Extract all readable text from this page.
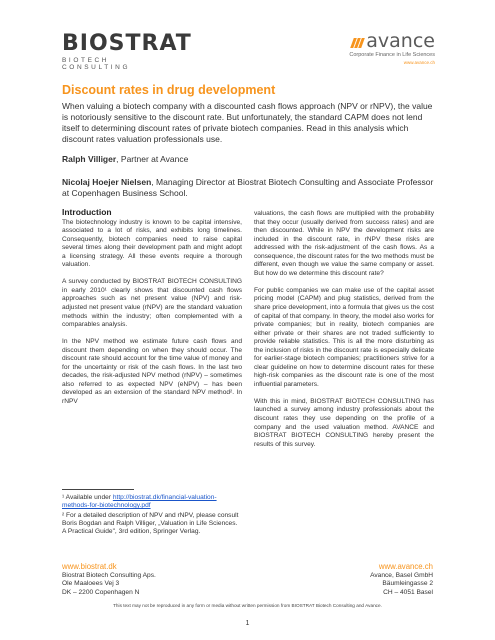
BIOSTRAT
BIOTECH CONSULTING
avance
Corporate Finance in Life Sciences
www.avance.ch
Discount rates in drug development

When valuing a biotech company with a discounted cash flows approach (NPV or rNPV), the value is notoriously sensitive to the discount rate. But unfortunately, the standard CAPM does not lend itself to determining discount rates of private biotech companies. Read in this analysis which discount rates valuation professionals use.

Ralph Villiger, Partner at Avance
Nicolaj Hoejer Nielsen, Managing Director at Biostrat Biotech Consulting and Associate Professor at Copenhagen Business School.
Introduction

The biotechnology industry is known to be capital intensive, associated to a lot of risks, and exhibits long timelines. Consequently, biotech companies need to raise capital several times along their development path and might adopt a licensing strategy. All these events require a thorough valuation.

A survey conducted by BIOSTRAT BIOTECH CONSULTING in early 2010¹ clearly shows that discounted cash flows approaches such as net present value (NPV) and risk-adjusted net present value (rNPV) are the standard valuation methods within the industry; often complemented with a comparables analysis.

In the NPV method we estimate future cash flows and discount them depending on when they should occur. The discount rate should account for the time value of money and for the uncertainty or risk of the cash flows. In the last two decades, the risk-adjusted NPV method (rNPV) – sometimes also referred to as expected NPV (eNPV) – has been developed as an extension of the standard NPV method². In rNPV

¹ Available under http://biostrat.dk/financial-valuation-methods-for-biotechnology.pdf
² For a detailed description of NPV and rNPV, please consult Boris Bogdan and Ralph Villiger, „Valuation in Life Sciences. A Practical Guide", 3rd edition, Springer Verlag.

valuations, the cash flows are multiplied with the probability that they occur (usually derived from success rates) and are then discounted. While in NPV the development risks are included in the discount rate, in rNPV these risks are addressed with the risk-adjustment of the cash flows. As a consequence, the discount rates for the two methods must be different, even though we value the same company or asset. But how do we determine this discount rate?

For public companies we can make use of the capital asset pricing model (CAPM) and plug statistics, derived from the share price development, into a formula that gives us the cost of capital of that company. In theory, the model also works for private companies; but in reality, biotech companies are either private or their shares are not traded sufficiently to provide reliable statistics. This is all the more disturbing as the inclusion of risks in the discount rate is especially delicate for earlier-stage biotech companies; practitioners strive for a clear guideline on how to determine discount rates for these high-risk companies as the discount rate is one of the most influential parameters.

With this in mind, BIOSTRAT BIOTECH CONSULTING has launched a survey among industry professionals about the discount rates they use depending on the profile of a company and the used valuation method. AVANCE and BIOSTRAT BIOTECH CONSULTING hereby present the results of this survey.

www.biostrat.dk
Biostrat Biotech Consulting Aps.
Ole Maaloees Vej 3
DK – 2200 Copenhagen N
www.avance.ch
Avance, Basel GmbH
Bäumleingasse 2
CH – 4051 Basel
This text may not be reproduced in any form or media without written permission from BIOSTRAT Biotech Consulting and Avance.
1
